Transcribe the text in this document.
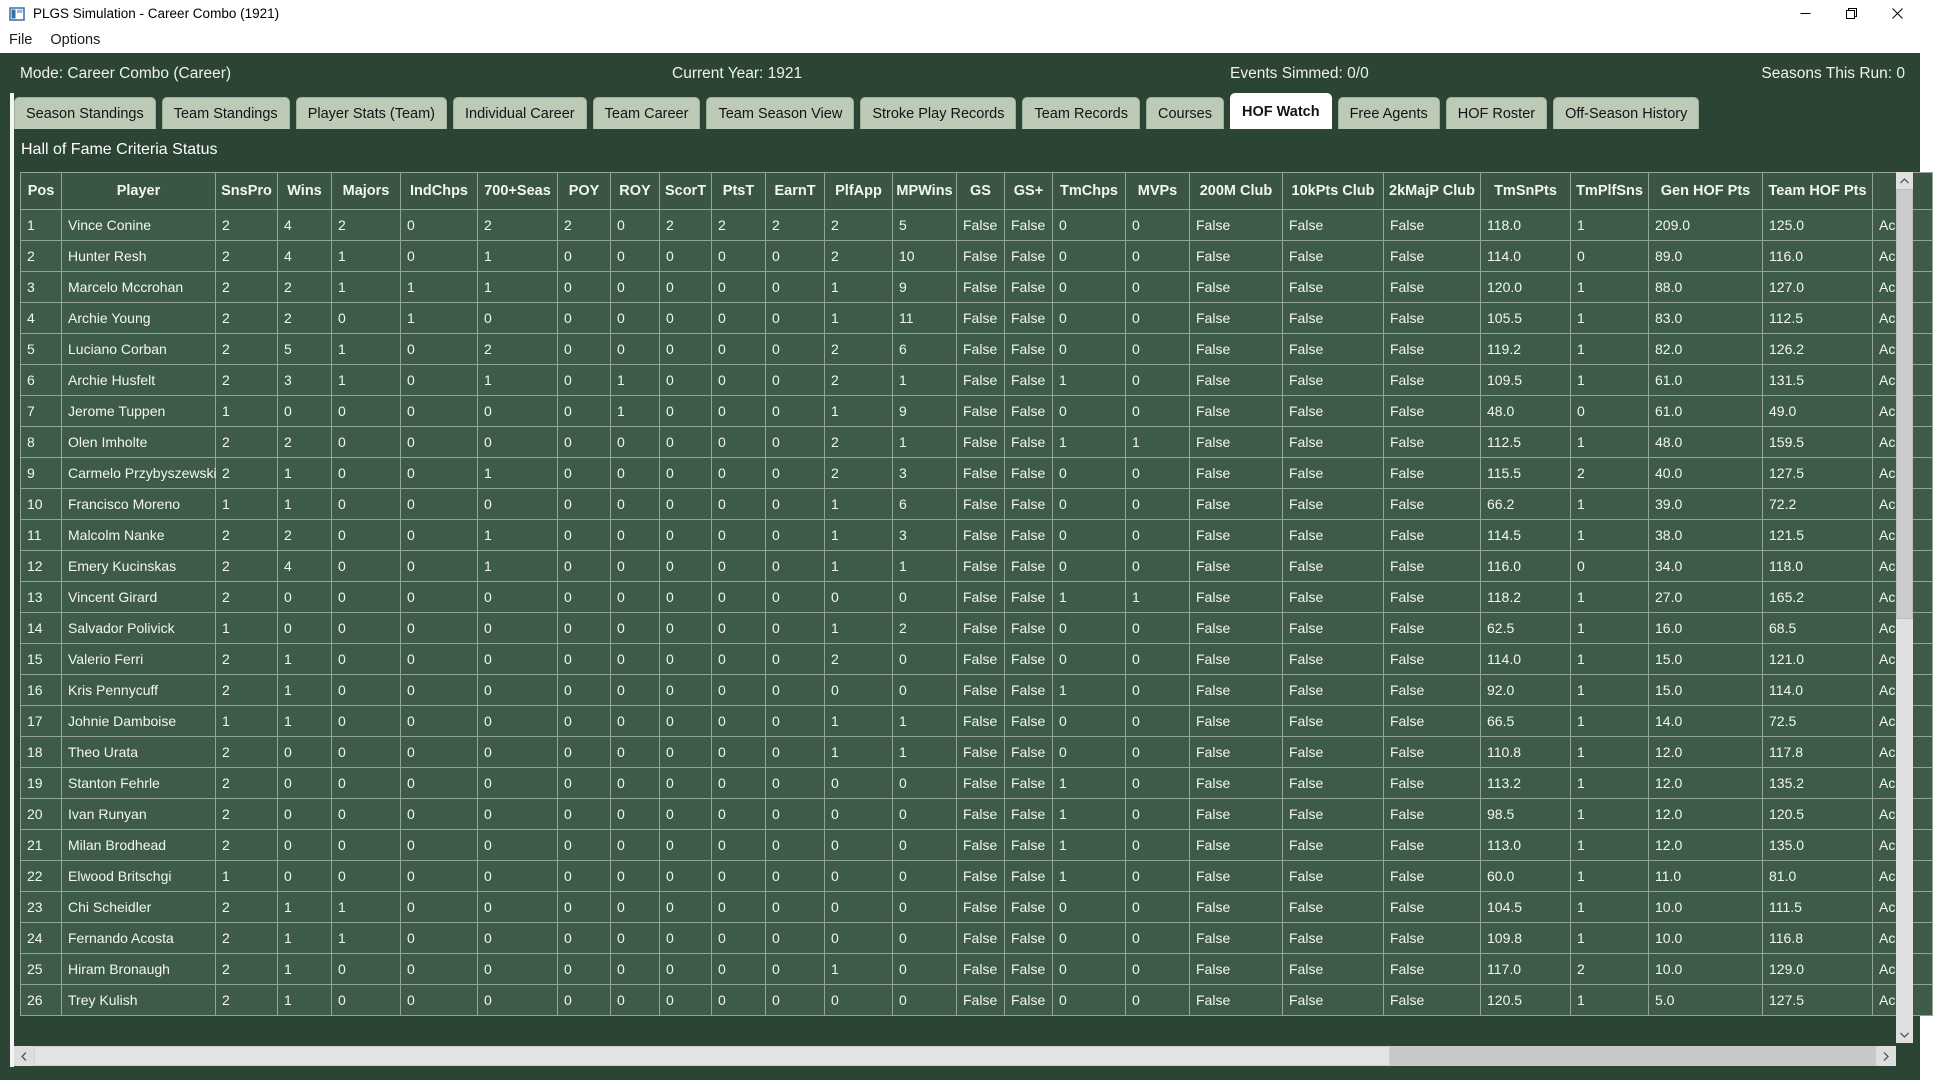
PLGS Simulation - Career Combo (1921)
File	Options
Mode: Career Combo (Career)	Current Year: 1921	Events Simmed: 0/0	Seasons This Run: 0
Season Standings	Team Standings	Player Stats (Team)	Individual Career	Team Career	Team Season View	Stroke Play Records	Team Records	Courses	HOF Watch	Free Agents	HOF Roster	Off-Season History
Hall of Fame Criteria Status
Pos	Player	SnsPro	Wins	Majors	IndChps	700+Seas	POY	ROY	ScorT	PtsT	EarnT	PlfApp	MPWins	GS	GS+	TmChps	MVPs	200M Club	10kPts Club	2kMajP Club	TmSnPts	TmPlfSns	Gen HOF Pts	Team HOF Pts	
1	Vince Conine	2	4	2	0	2	2	0	2	2	2	2	5	False	False	0	0	False	False	False	118.0	1	209.0	125.0	Ac
2	Hunter Resh	2	4	1	0	1	0	0	0	0	0	2	10	False	False	0	0	False	False	False	114.0	0	89.0	116.0	Ac
3	Marcelo Mccrohan	2	2	1	1	1	0	0	0	0	0	1	9	False	False	0	0	False	False	False	120.0	1	88.0	127.0	Ac
4	Archie Young	2	2	0	1	0	0	0	0	0	0	1	11	False	False	0	0	False	False	False	105.5	1	83.0	112.5	Ac
5	Luciano Corban	2	5	1	0	2	0	0	0	0	0	2	6	False	False	0	0	False	False	False	119.2	1	82.0	126.2	Ac
6	Archie Husfelt	2	3	1	0	1	0	1	0	0	0	2	1	False	False	1	0	False	False	False	109.5	1	61.0	131.5	Ac
7	Jerome Tuppen	1	0	0	0	0	0	1	0	0	0	1	9	False	False	0	0	False	False	False	48.0	0	61.0	49.0	Ac
8	Olen Imholte	2	2	0	0	0	0	0	0	0	0	2	1	False	False	1	1	False	False	False	112.5	1	48.0	159.5	Ac
9	Carmelo Przybyszewski	2	1	0	0	1	0	0	0	0	0	2	3	False	False	0	0	False	False	False	115.5	2	40.0	127.5	Ac
10	Francisco Moreno	1	1	0	0	0	0	0	0	0	0	1	6	False	False	0	0	False	False	False	66.2	1	39.0	72.2	Ac
11	Malcolm Nanke	2	2	0	0	1	0	0	0	0	0	1	3	False	False	0	0	False	False	False	114.5	1	38.0	121.5	Ac
12	Emery Kucinskas	2	4	0	0	1	0	0	0	0	0	1	1	False	False	0	0	False	False	False	116.0	0	34.0	118.0	Ac
13	Vincent Girard	2	0	0	0	0	0	0	0	0	0	0	0	False	False	1	1	False	False	False	118.2	1	27.0	165.2	Ac
14	Salvador Polivick	1	0	0	0	0	0	0	0	0	0	1	2	False	False	0	0	False	False	False	62.5	1	16.0	68.5	Ac
15	Valerio Ferri	2	1	0	0	0	0	0	0	0	0	2	0	False	False	0	0	False	False	False	114.0	1	15.0	121.0	Ac
16	Kris Pennycuff	2	1	0	0	0	0	0	0	0	0	0	0	False	False	1	0	False	False	False	92.0	1	15.0	114.0	Ac
17	Johnie Damboise	1	1	0	0	0	0	0	0	0	0	1	1	False	False	0	0	False	False	False	66.5	1	14.0	72.5	Ac
18	Theo Urata	2	0	0	0	0	0	0	0	0	0	1	1	False	False	0	0	False	False	False	110.8	1	12.0	117.8	Ac
19	Stanton Fehrle	2	0	0	0	0	0	0	0	0	0	0	0	False	False	1	0	False	False	False	113.2	1	12.0	135.2	Ac
20	Ivan Runyan	2	0	0	0	0	0	0	0	0	0	0	0	False	False	1	0	False	False	False	98.5	1	12.0	120.5	Ac
21	Milan Brodhead	2	0	0	0	0	0	0	0	0	0	0	0	False	False	1	0	False	False	False	113.0	1	12.0	135.0	Ac
22	Elwood Britschgi	1	0	0	0	0	0	0	0	0	0	0	0	False	False	1	0	False	False	False	60.0	1	11.0	81.0	Ac
23	Chi Scheidler	2	1	1	0	0	0	0	0	0	0	0	0	False	False	0	0	False	False	False	104.5	1	10.0	111.5	Ac
24	Fernando Acosta	2	1	1	0	0	0	0	0	0	0	0	0	False	False	0	0	False	False	False	109.8	1	10.0	116.8	Ac
25	Hiram Bronaugh	2	1	0	0	0	0	0	0	0	0	1	0	False	False	0	0	False	False	False	117.0	2	10.0	129.0	Ac
26	Trey Kulish	2	1	0	0	0	0	0	0	0	0	0	0	False	False	0	0	False	False	False	120.5	1	5.0	127.5	Ac
